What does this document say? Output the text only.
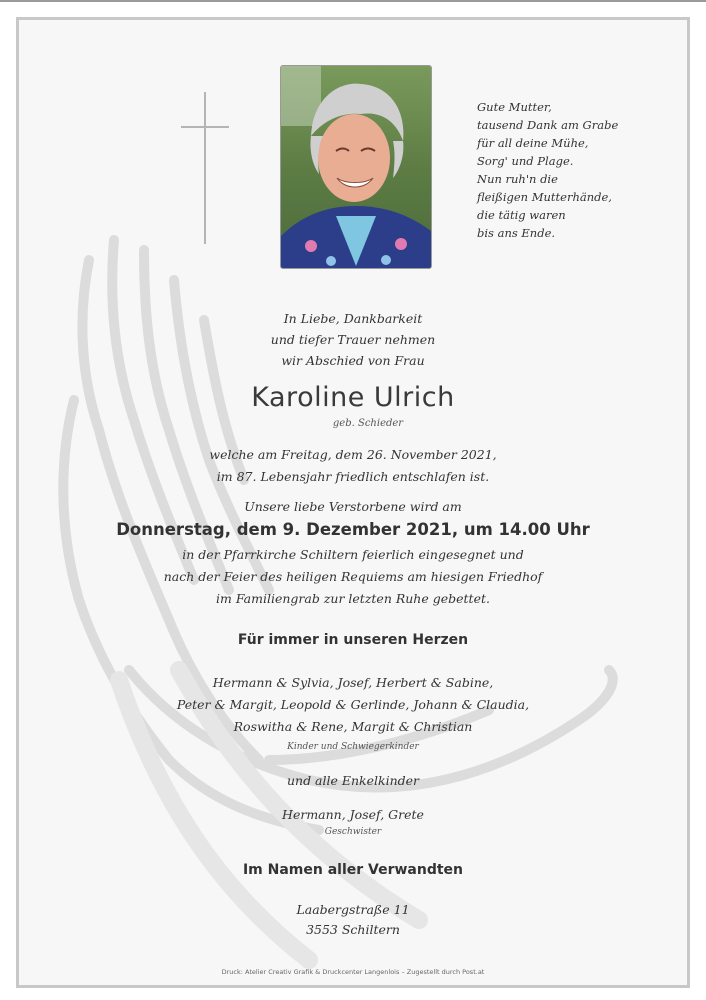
Gute Mutter,
tausend Dank am Grabe
für all deine Mühe,
Sorg' und Plage.
Nun ruh'n die
fleißigen Mutterhände,
die tätig waren
bis ans Ende.
In Liebe, Dankbarkeit
und tiefer Trauer nehmen
wir Abschied von Frau
Karoline Ulrich
geb. Schieder
welche am Freitag, dem 26. November 2021,
im 87. Lebensjahr friedlich entschlafen ist.
Unsere liebe Verstorbene wird am
Donnerstag, dem 9. Dezember 2021, um 14.00 Uhr
in der Pfarrkirche Schiltern feierlich eingesegnet und
nach der Feier des heiligen Requiems am hiesigen Friedhof
im Familiengrab zur letzten Ruhe gebettet.
Für immer in unseren Herzen
Hermann & Sylvia, Josef, Herbert & Sabine,
Peter & Margit, Leopold & Gerlinde, Johann & Claudia,
Roswitha & Rene, Margit & Christian
Kinder und Schwiegerkinder
und alle Enkelkinder
Hermann, Josef, Grete
Geschwister
Im Namen aller Verwandten
Laabergstraße 11
3553 Schiltern
Druck: Atelier Creativ Grafik & Druckcenter Langenlois – Zugestellt durch Post.at
